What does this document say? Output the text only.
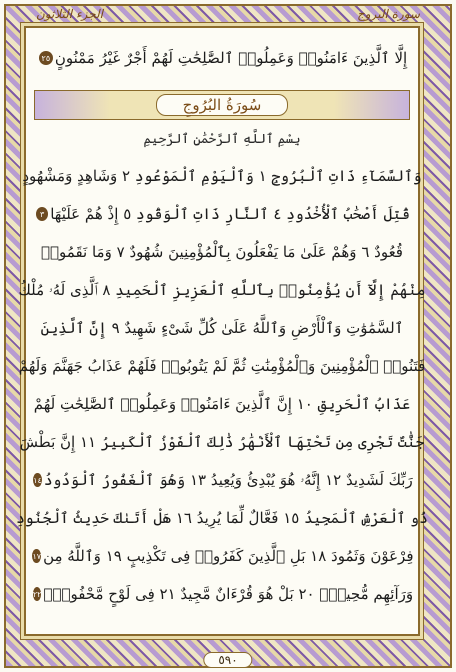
الجزء الثلاثون	سورة البروج
إِلَّا ٱلَّذِينَ ءَامَنُوا۟ وَعَمِلُوا۟ ٱلصَّٰلِحَٰتِ لَهُمْ أَجْرٌ غَيْرُ مَمْنُونٍ
٢٥
سُورَةُ البُرُوجِ
بِسْمِ ٱللَّهِ ٱلرَّحْمَٰنِ ٱلرَّحِيمِ
وَٱلسَّمَآءِ ذَاتِ ٱلْبُرُوجِ ١ وَٱلْيَوْمِ ٱلْمَوْعُودِ ٢ وَشَاهِدٍ وَمَشْهُودٍ
قُتِلَ أَصْحَٰبُ ٱلْأُخْدُودِ ٤ ٱلنَّارِ ذَاتِ ٱلْوَقُودِ ٥ إِذْ هُمْ عَلَيْهَا
٣
قُعُودٌ ٦ وَهُمْ عَلَىٰ مَا يَفْعَلُونَ بِٱلْمُؤْمِنِينَ شُهُودٌ ٧ وَمَا نَقَمُوا۟
مِنْهُمْ إِلَّآ أَن يُؤْمِنُوا۟ بِٱللَّهِ ٱلْعَزِيزِ ٱلْحَمِيدِ ٨ ٱلَّذِى لَهُۥ مُلْكُ
ٱلسَّمَٰوَٰتِ وَٱلْأَرْضِ وَٱللَّهُ عَلَىٰ كُلِّ شَىْءٍ شَهِيدٌ ٩ إِنَّ ٱلَّذِينَ
فَتَنُوا۟ ٱلْمُؤْمِنِينَ وَٱلْمُؤْمِنَٰتِ ثُمَّ لَمْ يَتُوبُوا۟ فَلَهُمْ عَذَابُ جَهَنَّمَ وَلَهُمْ
عَذَابُ ٱلْحَرِيقِ ١٠ إِنَّ ٱلَّذِينَ ءَامَنُوا۟ وَعَمِلُوا۟ ٱلصَّٰلِحَٰتِ لَهُمْ
جَنَّٰتٌ تَجْرِى مِن تَحْتِهَا ٱلْأَنْهَٰرُ ذَٰلِكَ ٱلْفَوْزُ ٱلْكَبِيرُ ١١ إِنَّ بَطْشَ
رَبِّكَ لَشَدِيدٌ ١٢ إِنَّهُۥ هُوَ يُبْدِئُ وَيُعِيدُ ١٣ وَهُوَ ٱلْغَفُورُ ٱلْوَدُودُ
١٤
ذُو ٱلْعَرْشِ ٱلْمَجِيدُ ١٥ فَعَّالٌ لِّمَا يُرِيدُ ١٦ هَلْ أَتَىٰكَ حَدِيثُ ٱلْجُنُودِ
فِرْعَوْنَ وَثَمُودَ ١٨ بَلِ ٱلَّذِينَ كَفَرُوا۟ فِى تَكْذِيبٍ ١٩ وَٱللَّهُ مِن
١٧
وَرَآئِهِم مُّحِيطٌۢ ٢٠ بَلْ هُوَ قُرْءَانٌ مَّجِيدٌ ٢١ فِى لَوْحٍ مَّحْفُوظٍۭ
٢٢
٥٩٠
